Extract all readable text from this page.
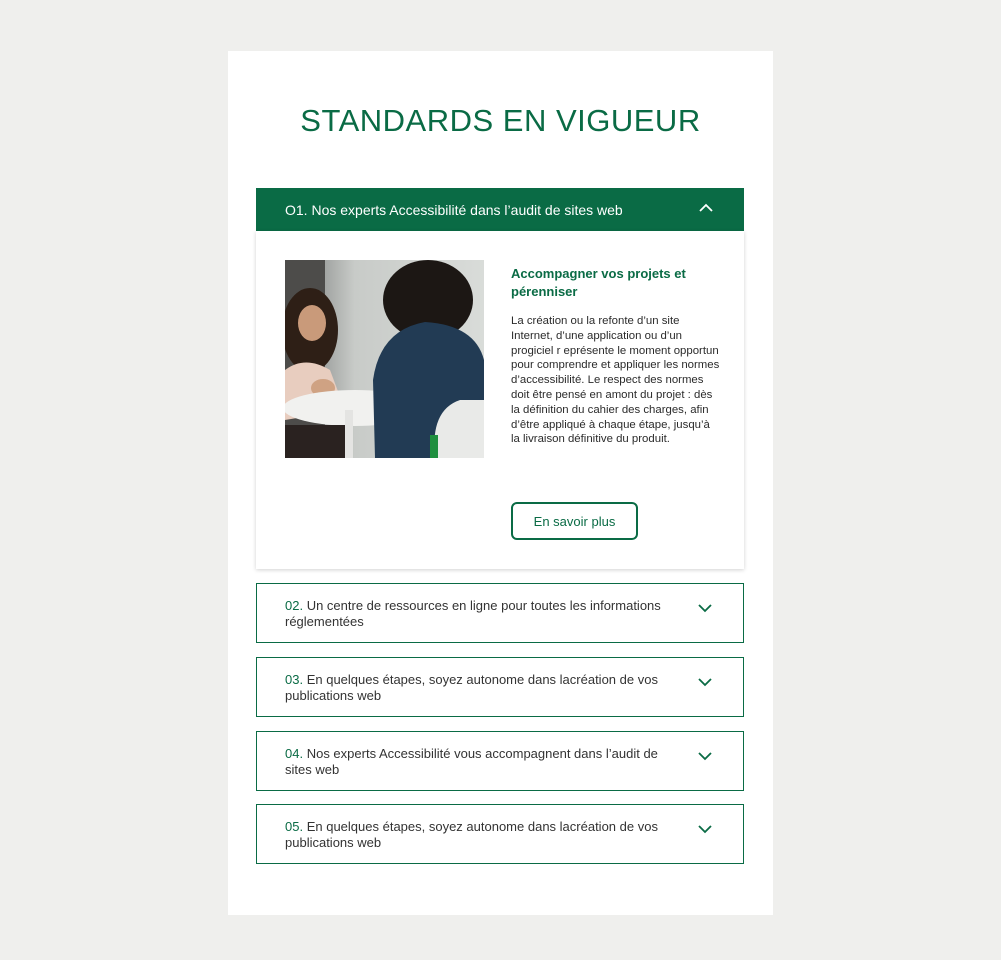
STANDARDS EN VIGUEUR
O1. Nos experts Accessibilité dans l’audit de sites web
Accompagner vos projets et pérenniser

La création ou la refonte d’un site Internet, d’une application ou d’un progiciel r eprésente le moment opportun pour comprendre et appliquer les normes d’accessibilité. Le respect des normes doit être pensé en amont du projet : dès la définition du cahier des charges, afin d’être appliqué à chaque étape, jusqu’à la livraison définitive du produit.

En savoir plus
02. Un centre de ressources en ligne pour toutes les informations réglementées
03. En quelques étapes, soyez autonome dans lacréation de vos publications web
04. Nos experts Accessibilité vous accompagnent dans l’audit de sites web
05. En quelques étapes, soyez autonome dans lacréation de vos publications web
